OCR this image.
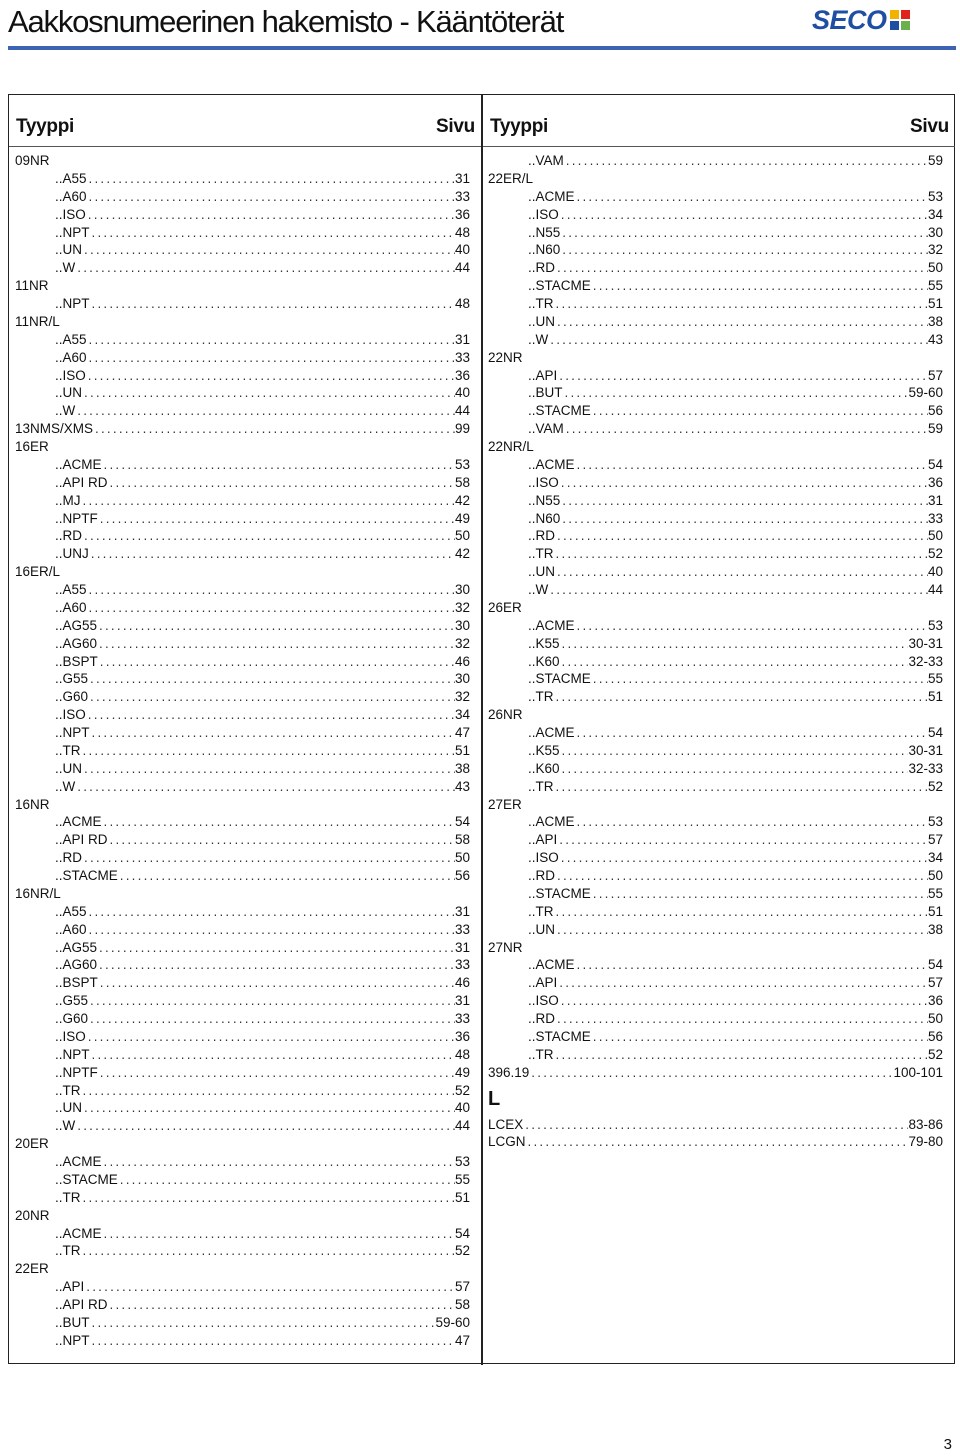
Aakkosnumeerinen hakemisto - Kääntöterät	SECO
Tyyppi	Sivu Tyyppi	Sivu
09NR
..A55 .....	31
..A60 .....	33
..ISO .....	36
..NPT .....	48
..UN .....	40
..W .....	44
11NR
..NPT .....	48
11NR/L
..A55 .....	31
..A60 .....	33
..ISO .....	36
..UN .....	40
..W .....	44
13NMS/XMS .....	99
16ER
..ACME .....	53
..API RD .....	58
..MJ .....	42
..NPTF .....	49
..RD .....	50
..UNJ .....	42
16ER/L
..A55 .....	30
..A60 .....	32
..AG55 .....	30
..AG60 .....	32
..BSPT .....	46
..G55 .....	30
..G60 .....	32
..ISO .....	34
..NPT .....	47
..TR .....	51
..UN .....	38
..W .....	43
16NR
..ACME .....	54
..API RD .....	58
..RD .....	50
..STACME .....	56
16NR/L
..A55 .....	31
..A60 .....	33
..AG55 .....	31
..AG60 .....	33
..BSPT .....	46
..G55 .....	31
..G60 .....	33
..ISO .....	36
..NPT .....	48
..NPTF .....	49
..TR .....	52
..UN .....	40
..W .....	44
20ER
..ACME .....	53
..STACME .....	55
..TR .....	51
20NR
..ACME .....	54
..TR .....	52
22ER
..API .....	57
..API RD .....	58
..BUT .....	59-60
..NPT .....	47
..VAM .....	59
22ER/L
..ACME .....	53
..ISO .....	34
..N55 .....	30
..N60 .....	32
..RD .....	50
..STACME .....	55
..TR .....	51
..UN .....	38
..W .....	43
22NR
..API .....	57
..BUT .....	59-60
..STACME .....	56
..VAM .....	59
22NR/L
..ACME .....	54
..ISO .....	36
..N55 .....	31
..N60 .....	33
..RD .....	50
..TR .....	52
..UN .....	40
..W .....	44
26ER
..ACME .....	53
..K55 .....	30-31
..K60 .....	32-33
..STACME .....	55
..TR .....	51
26NR
..ACME .....	54
..K55 .....	30-31
..K60 .....	32-33
..TR .....	52
27ER
..ACME .....	53
..API .....	57
..ISO .....	34
..RD .....	50
..STACME .....	55
..TR .....	51
..UN .....	38
27NR
..ACME .....	54
..API .....	57
..ISO .....	36
..RD .....	50
..STACME .....	56
..TR .....	52
396.19 .....	100-101
L
LCEX .....	83-86
LCGN .....	79-80
3
